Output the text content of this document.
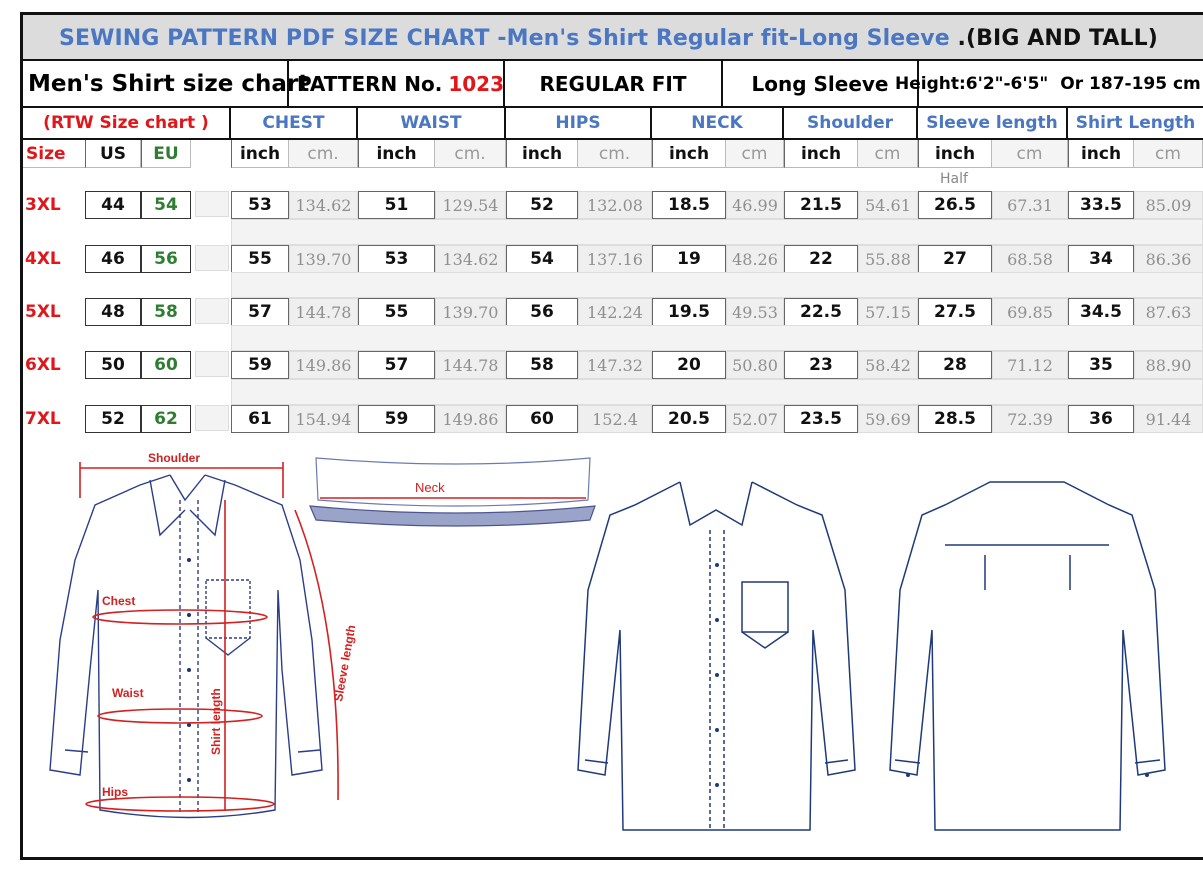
SEWING PATTERN PDF SIZE CHART -Men's Shirt Regular fit-Long Sleeve .(BIG AND TALL)
Men's Shirt size chart
PATTERN No. 1023	REGULAR FIT	Long Sleeve Height:6'2"-6'5" Or 187-195 cm
(RTW Size chart )	CHEST	WAIST	HIPS	NECK	Shoulder	Sleeve length	Shirt Length
Size	US	EU	inch	cm.	inch	cm.	inch	cm.	inch	cm	inch	cm	inch	cm	inch	cm
Half
3XL	44	54	53	134.62	51	129.54	52	132.08	18.5	46.99	21.5	54.61	26.5	67.31	33.5	85.09
4XL	46	56	55	139.70	53	134.62	54	137.16	19	48.26	22	55.88	27	68.58	34	86.36
5XL	48	58	57	144.78	55	139.70	56	142.24	19.5	49.53	22.5	57.15	27.5	69.85	34.5	87.63
6XL	50	60	59	149.86	57	144.78	58	147.32	20	50.80	23	58.42	28	71.12	35	88.90
7XL	52	62	61	154.94	59	149.86	60	152.4	20.5	52.07	23.5	59.69	28.5	72.39	36	91.44
Shoulder
Chest
Waist
Hips
Shirt length
Sleeve length
Neck
